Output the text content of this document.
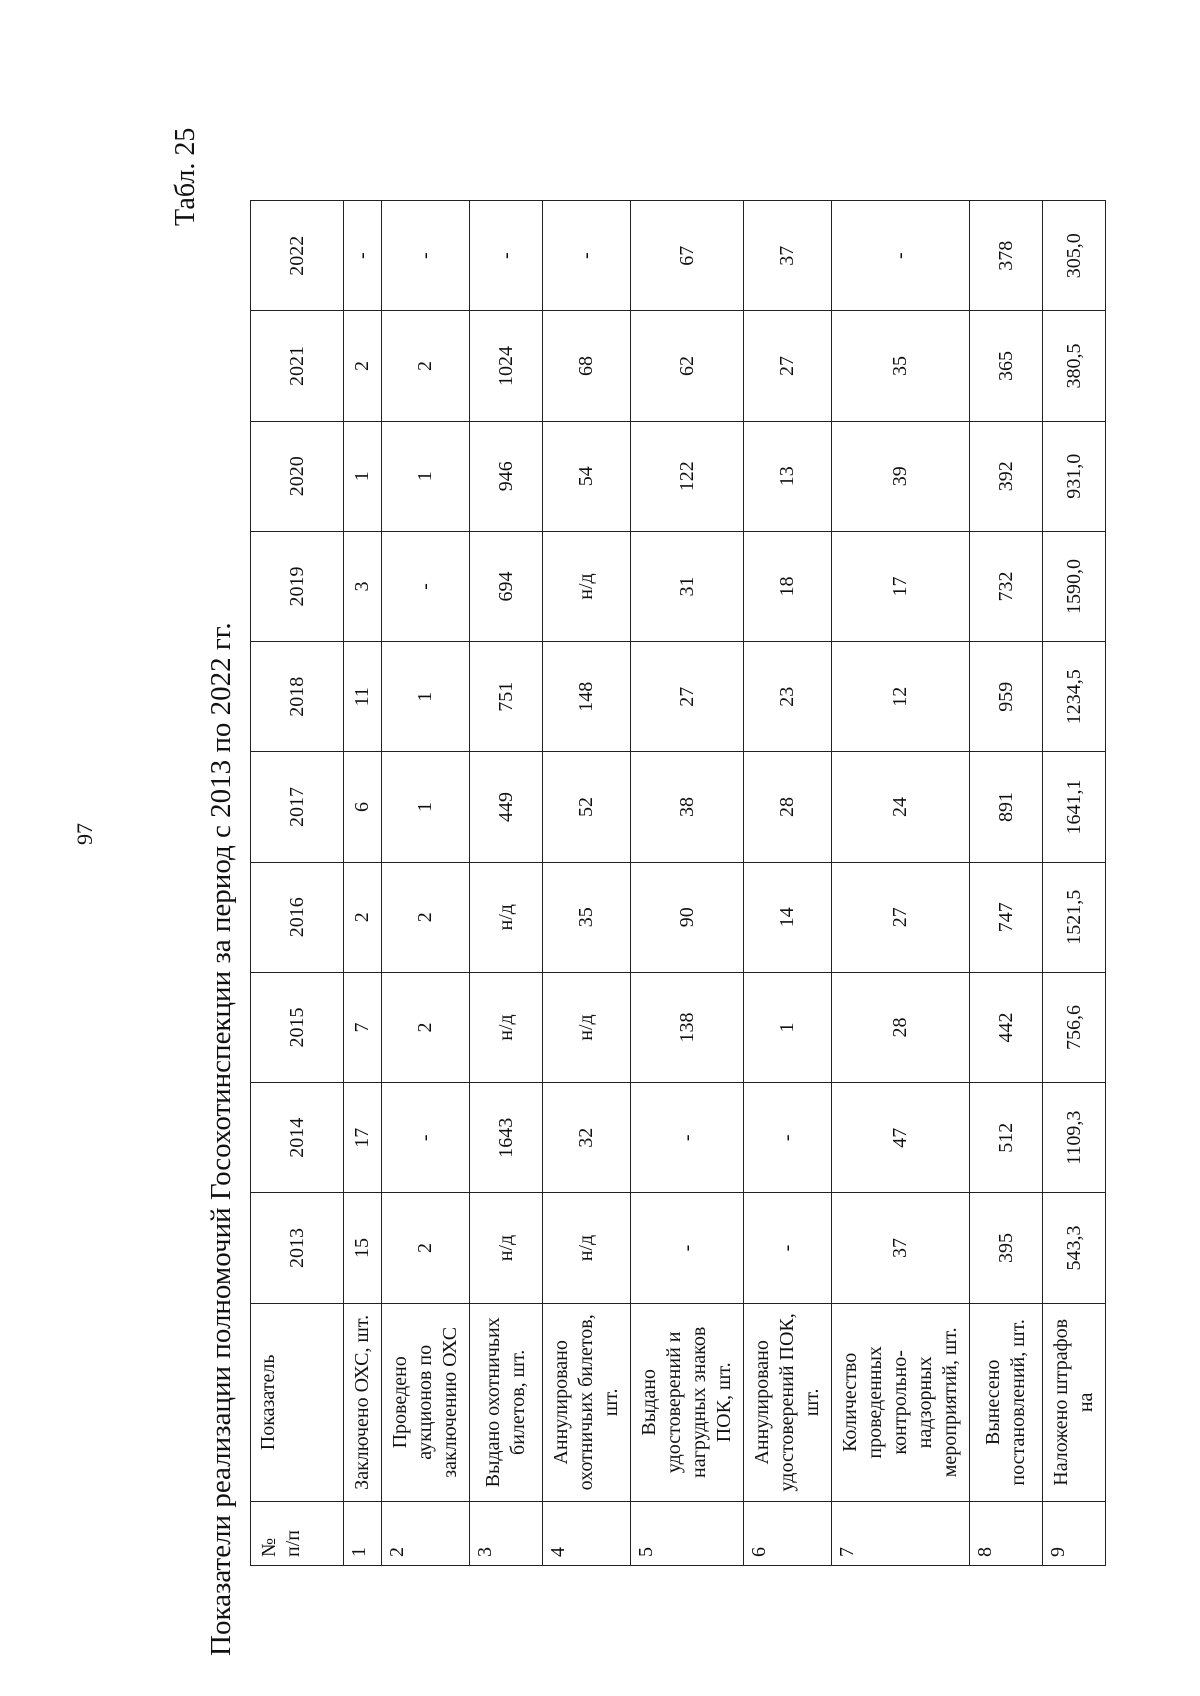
97
Табл. 25
Показатели реализации полномочий Госохотинспекции за период с 2013 по 2022 гг. №
п/п	Показатель	2013	2014	2015	2016	2017	2018	2019	2020	2021	2022
1	Заключено ОХС, шт.	15	17	7	2	6	11	3	1	2	-
2	Проведено аукционов по заключению ОХС	2	-	2	2	1	1	-	1	2	-
3	Выдано охотничьих билетов, шт.	н/д	1643	н/д	н/д	449	751	694	946	1024	-
4	Аннулировано охотничьих билетов, шт.	н/д	32	н/д	35	52	148	н/д	54	68	-
5	Выдано удостоверений и нагрудных знаков ПОК, шт.	-	-	138	90	38	27	31	122	62	67
6	Аннулировано удостоверений ПОК, шт.	-	-	1	14	28	23	18	13	27	37
7	Количество проведенных контрольно-надзорных мероприятий, шт.	37	47	28	27	24	12	17	39	35	-
8	Вынесено постановлений, шт.	395	512	442	747	891	959	732	392	365	378
9	Наложено штрафов на	543,3	1109,3	756,6	1521,5	1641,1	1234,5	1590,0	931,0	380,5	305,0
